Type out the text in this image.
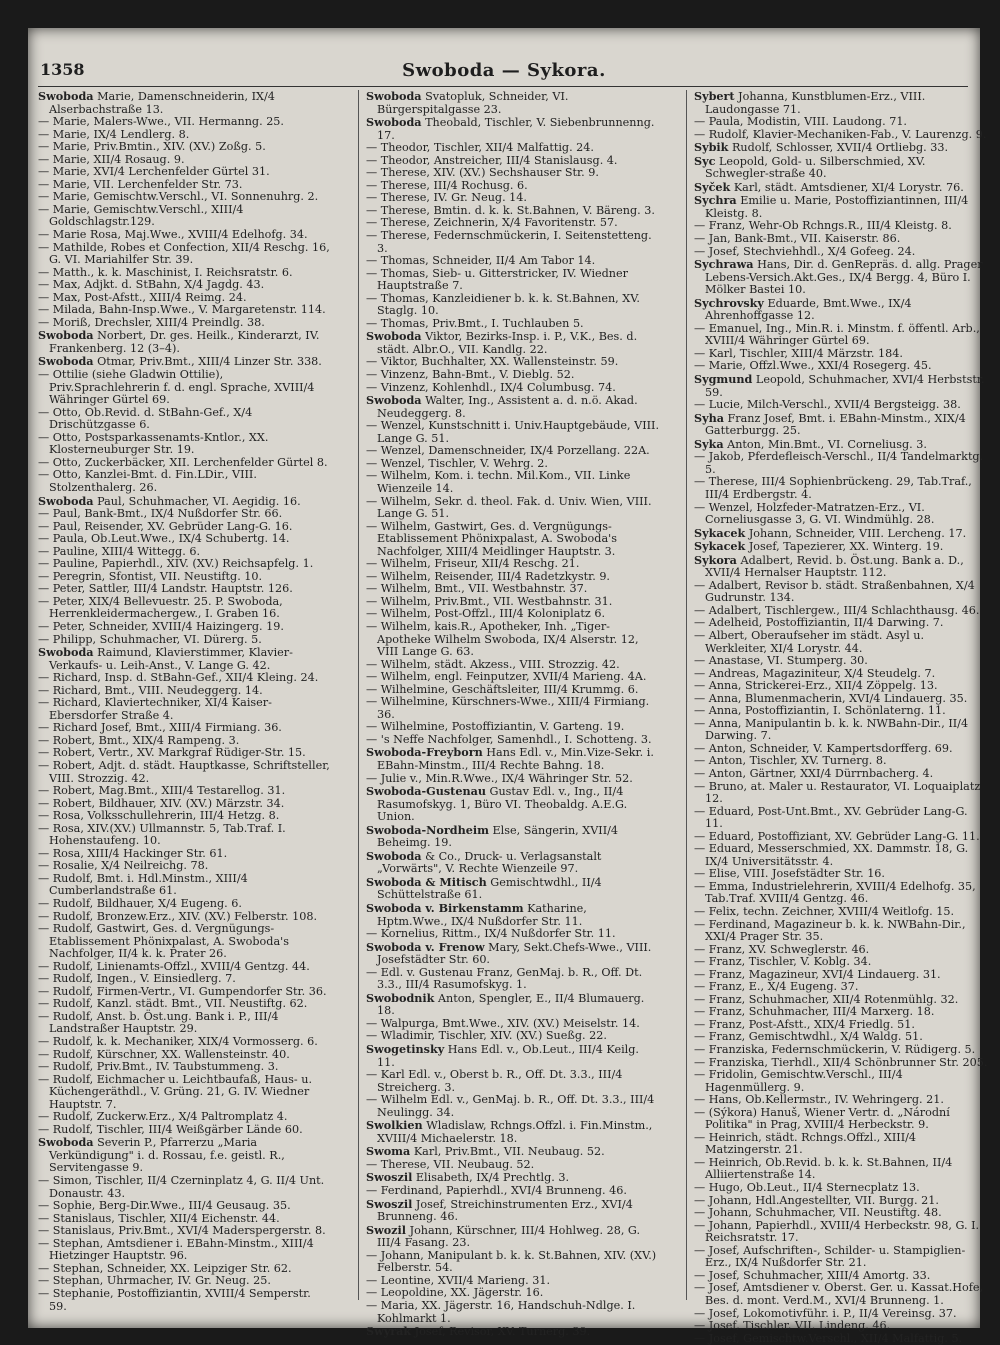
1358	Swoboda — Sykora.
Swoboda Marie, Damenschneiderin, IX/4 Alserbachstraße 13.
— Marie, Malers-Wwe., VII. Hermanng. 25.
— Marie, IX/4 Lendlerg. 8.
— Marie, Priv.Bmtin., XIV. (XV.) Zoßg. 5.
— Marie, XII/4 Rosaug. 9.
— Marie, XVI/4 Lerchenfelder Gürtel 31.
— Marie, VII. Lerchenfelder Str. 73.
— Marie, Gemischtw.Verschl., VI. Sonnenuhrg. 2.
— Marie, Gemischtw.Verschl., XIII/4 Goldschlagstr.129.
— Marie Rosa, Maj.Wwe., XVIII/4 Edelhofg. 34.
— Mathilde, Robes et Confection, XII/4 Reschg. 16, G. VI. Mariahilfer Str. 39.
— Matth., k. k. Maschinist, I. Reichsratstr. 6.
— Max, Adjkt. d. StBahn, X/4 Jagdg. 43.
— Max, Post-Afstt., XIII/4 Reimg. 24.
— Milada, Bahn-Insp.Wwe., V. Margaretenstr. 114.
— Moriß, Drechsler, XIII/4 Preindlg. 38.
Swoboda Norbert, Dr. ges. Heilk., Kinderarzt, IV. Frankenberg. 12 (3–4).
Swoboda Otmar, Priv.Bmt., XIII/4 Linzer Str. 338.
— Ottilie (siehe Gladwin Ottilie), Priv.Sprachlehrerin f. d. engl. Sprache, XVIII/4 Währinger Gürtel 69.
— Otto, Ob.Revid. d. StBahn-Gef., X/4 Drischützgasse 6.
— Otto, Postsparkassenamts-Kntlor., XX. Klosterneuburger Str. 19.
— Otto, Zuckerbäcker, XII. Lerchenfelder Gürtel 8.
— Otto, Kanzlei-Bmt. d. Fin.LDir., VIII. Stolzenthalerg. 26.
Swoboda Paul, Schuhmacher, VI. Aegidig. 16.
— Paul, Bank-Bmt., IX/4 Nußdorfer Str. 66.
— Paul, Reisender, XV. Gebrüder Lang-G. 16.
— Paula, Ob.Leut.Wwe., IX/4 Schubertg. 14.
— Pauline, XIII/4 Wittegg. 6.
— Pauline, Papierhdl., XIV. (XV.) Reichsapfelg. 1.
— Peregrin, Sfontist, VII. Neustiftg. 10.
— Peter, Sattler, III/4 Landstr. Hauptstr. 126.
— Peter, XIX/4 Bellevuestr. 25. P. Swoboda, Herrenkleidermachergew., I. Graben 16.
— Peter, Schneider, XVIII/4 Haizingerg. 19.
— Philipp, Schuhmacher, VI. Dürerg. 5.
Swoboda Raimund, Klavierstimmer, Klavier-Verkaufs- u. Leih-Anst., V. Lange G. 42.
— Richard, Insp. d. StBahn-Gef., XII/4 Kleing. 24.
— Richard, Bmt., VIII. Neudeggerg. 14.
— Richard, Klaviertechniker, XI/4 Kaiser-Ebersdorfer Straße 4.
— Richard Josef, Bmt., XIII/4 Firmiang. 36.
— Robert, Bmt., XIX/4 Rampeng. 3.
— Robert, Vertr., XV. Markgraf Rüdiger-Str. 15.
— Robert, Adjt. d. städt. Hauptkasse, Schriftsteller, VIII. Strozzig. 42.
— Robert, Mag.Bmt., XIII/4 Testarellog. 31.
— Robert, Bildhauer, XIV. (XV.) Märzstr. 34.
— Rosa, Volksschullehrerin, III/4 Hetzg. 8.
— Rosa, XIV.(XV.) Ullmannstr. 5, Tab.Traf. I. Hohenstaufeng. 10.
— Rosa, XIII/4 Hackinger Str. 61.
— Rosalie, X/4 Neilreichg. 78.
— Rudolf, Bmt. i. Hdl.Minstm., XIII/4 Cumberlandstraße 61.
— Rudolf, Bildhauer, X/4 Eugeng. 6.
— Rudolf, Bronzew.Erz., XIV. (XV.) Felberstr. 108.
— Rudolf, Gastwirt, Ges. d. Vergnügungs-Etablissement Phönixpalast, A. Swoboda's Nachfolger, II/4 k. k. Prater 26.
— Rudolf, Linienamts-Offzl., XVIII/4 Gentzg. 44.
— Rudolf, Ingen., V. Einsiedlerg. 7.
— Rudolf, Firmen-Vertr., VI. Gumpendorfer Str. 36.
— Rudolf, Kanzl. städt. Bmt., VII. Neustiftg. 62.
— Rudolf, Anst. b. Öst.ung. Bank i. P., III/4 Landstraßer Hauptstr. 29.
— Rudolf, k. k. Mechaniker, XIX/4 Vormosserg. 6.
— Rudolf, Kürschner, XX. Wallensteinstr. 40.
— Rudolf, Priv.Bmt., IV. Taubstummeng. 3.
— Rudolf, Eichmacher u. Leichtbaufaß, Haus- u. Küchengeräthdl., V. Grüng. 21, G. IV. Wiedner Hauptstr. 7.
— Rudolf, Zuckerw.Erz., X/4 Paltromplatz 4.
— Rudolf, Tischler, III/4 Weißgärber Lände 60.
Swoboda Severin P., Pfarrerzu „Maria Verkündigung" i. d. Rossau, f.e. geistl. R., Servitengasse 9.
— Simon, Tischler, II/4 Czerninplatz 4, G. II/4 Unt. Donaustr. 43.
— Sophie, Berg-Dir.Wwe., III/4 Geusaug. 35.
— Stanislaus, Tischler, XII/4 Eichenstr. 44.
— Stanislaus, Priv.Bmt., XVI/4 Maderspergerstr. 8.
— Stephan, Amtsdiener i. EBahn-Minstm., XIII/4 Hietzinger Hauptstr. 96.
— Stephan, Schneider, XX. Leipziger Str. 62.
— Stephan, Uhrmacher, IV. Gr. Neug. 25.
— Stephanie, Postoffiziantin, XVIII/4 Semperstr. 59.
Swoboda Svatopluk, Schneider, VI. Bürgerspitalgasse 23.
Swoboda Theobald, Tischler, V. Siebenbrunnenng. 17.
— Theodor, Tischler, XII/4 Malfattig. 24.
— Theodor, Anstreicher, III/4 Stanislausg. 4.
— Therese, XIV. (XV.) Sechshauser Str. 9.
— Therese, III/4 Rochusg. 6.
— Therese, IV. Gr. Neug. 14.
— Therese, Bmtin. d. k. k. St.Bahnen, V. Bäreng. 3.
— Therese, Zeichnerin, X/4 Favoritenstr. 57.
— Therese, Federnschmückerin, I. Seitenstetteng. 3.
— Thomas, Schneider, II/4 Am Tabor 14.
— Thomas, Sieb- u. Gitterstricker, IV. Wiedner Hauptstraße 7.
— Thomas, Kanzleidiener b. k. k. St.Bahnen, XV. Staglg. 10.
— Thomas, Priv.Bmt., I. Tuchlauben 5.
Swoboda Viktor, Bezirks-Insp. i. P., V.K., Bes. d. städt. Albr.O., VII. Kandlg. 22.
— Viktor, Buchhalter, XX. Wallensteinstr. 59.
— Vinzenz, Bahn-Bmt., V. Dieblg. 52.
— Vinzenz, Kohlenhdl., IX/4 Columbusg. 74.
Swoboda Walter, Ing., Assistent a. d. n.ö. Akad. Neudeggerg. 8.
— Wenzel, Kunstschnitt i. Univ.Hauptgebäude, VIII. Lange G. 51.
— Wenzel, Damenschneider, IX/4 Porzellang. 22A.
— Wenzel, Tischler, V. Wehrg. 2.
— Wilhelm, Kom. i. techn. Mil.Kom., VII. Linke Wienzeile 14.
— Wilhelm, Sekr. d. theol. Fak. d. Univ. Wien, VIII. Lange G. 51.
— Wilhelm, Gastwirt, Ges. d. Vergnügungs-Etablissement Phönixpalast, A. Swoboda's Nachfolger, XIII/4 Meidlinger Hauptstr. 3.
— Wilhelm, Friseur, XII/4 Reschg. 21.
— Wilhelm, Reisender, III/4 Radetzkystr. 9.
— Wilhelm, Bmt., VII. Westbahnstr. 37.
— Wilhelm, Priv.Bmt., VII. Westbahnstr. 31.
— Wilhelm, Post-Offzl., III/4 Koloniplatz 6.
— Wilhelm, kais.R., Apotheker, Inh. „Tiger-Apotheke Wilhelm Swoboda, IX/4 Alserstr. 12, VIII Lange G. 63.
— Wilhelm, städt. Akzess., VIII. Strozzig. 42.
— Wilhelm, engl. Feinputzer, XVII/4 Marieng. 4A.
— Wilhelmine, Geschäftsleiter, III/4 Krummg. 6.
— Wilhelmine, Kürschners-Wwe., XIII/4 Firmiang. 36.
— Wilhelmine, Postoffiziantin, V. Garteng. 19.
— 's Neffe Nachfolger, Samenhdl., I. Schotteng. 3.
Swoboda-Freyborn Hans Edl. v., Min.Vize-Sekr. i. EBahn-Minstm., III/4 Rechte Bahng. 18.
— Julie v., Min.R.Wwe., IX/4 Währinger Str. 52.
Swoboda-Gustenau Gustav Edl. v., Ing., II/4 Rasumofskyg. 1, Büro VI. Theobaldg. A.E.G. Union.
Swoboda-Nordheim Else, Sängerin, XVII/4 Beheimg. 19.
Swoboda & Co., Druck- u. Verlagsanstalt „Vorwärts", V. Rechte Wienzeile 97.
Swoboda & Mitisch Gemischtwdhl., II/4 Schüttelstraße 61.
Swoboda v. Birkenstamm Katharine, Hptm.Wwe., IX/4 Nußdorfer Str. 11.
— Kornelius, Rittm., IX/4 Nußdorfer Str. 11.
Swoboda v. Frenow Mary, Sekt.Chefs-Wwe., VIII. Josefstädter Str. 60.
— Edl. v. Gustenau Franz, GenMaj. b. R., Off. Dt. 3.3., III/4 Rasumofskyg. 1.
Swobodnik Anton, Spengler, E., II/4 Blumauerg. 18.
— Walpurga, Bmt.Wwe., XIV. (XV.) Meiselstr. 14.
— Wladimir, Tischler, XIV. (XV.) Sueßg. 22.
Swogetinsky Hans Edl. v., Ob.Leut., III/4 Keilg. 11.
— Karl Edl. v., Oberst b. R., Off. Dt. 3.3., III/4 Streicherg. 3.
— Wilhelm Edl. v., GenMaj. b. R., Off. Dt. 3.3., III/4 Neulingg. 34.
Swolkien Wladislaw, Rchngs.Offzl. i. Fin.Minstm., XVIII/4 Michaelerstr. 18.
Swoma Karl, Priv.Bmt., VII. Neubaug. 52.
— Therese, VII. Neubaug. 52.
Swoszil Elisabeth, IX/4 Prechtlg. 3.
— Ferdinand, Papierhdl., XVI/4 Brunneng. 46.
Swoszil Josef, Streichinstrumenten Erz., XVI/4 Brunneng. 46.
Swozil Johann, Kürschner, III/4 Hohlweg. 28, G. III/4 Fasang. 23.
— Johann, Manipulant b. k. k. St.Bahnen, XIV. (XV.) Felberstr. 54.
— Leontine, XVII/4 Marieng. 31.
— Leopoldine, XX. Jägerstr. 16.
— Maria, XX. Jägerstr. 16, Handschuh-Ndlge. I. Kohlmarkt 1.
Swyrak Josef, Revisor, XV. Turnerg. 39.
Sybert Johanna, Kunstblumen-Erz., VIII. Laudongasse 71.
— Paula, Modistin, VIII. Laudong. 71.
— Rudolf, Klavier-Mechaniken-Fab., V. Laurenzg. 9.
Sybik Rudolf, Schlosser, XVII/4 Ortliebg. 33.
Syc Leopold, Gold- u. Silberschmied, XV. Schwegler-straße 40.
Syček Karl, städt. Amtsdiener, XI/4 Lorystr. 76.
Sychra Emilie u. Marie, Postoffiziantinnen, III/4 Kleistg. 8.
— Franz, Wehr-Ob Rchngs.R., III/4 Kleistg. 8.
— Jan, Bank-Bmt., VII. Kaiserstr. 86.
— Josef, Stechviehhdl., X/4 Gofeeg. 24.
Sychrawa Hans, Dir. d. GenRepräs. d. allg. Prager Lebens-Versich.Akt.Ges., IX/4 Bergg. 4, Büro I. Mölker Bastei 10.
Sychrovsky Eduarde, Bmt.Wwe., IX/4 Ahrenhoffgasse 12.
— Emanuel, Ing., Min.R. i. Minstm. f. öffentl. Arb., XVIII/4 Währinger Gürtel 69.
— Karl, Tischler, XIII/4 Märzstr. 184.
— Marie, Offzl.Wwe., XXI/4 Rosegerg. 45.
Sygmund Leopold, Schuhmacher, XVI/4 Herbststr. 59.
— Lucie, Milch-Verschl., XVII/4 Bergsteigg. 38.
Syha Franz Josef, Bmt. i. EBahn-Minstm., XIX/4 Gatterburgg. 25.
Syka Anton, Min.Bmt., VI. Corneliusg. 3.
— Jakob, Pferdefleisch-Verschl., II/4 Tandelmarktg. 5.
— Therese, III/4 Sophienbrückeng. 29, Tab.Traf., III/4 Erdbergstr. 4.
— Wenzel, Holzfeder-Matratzen-Erz., VI. Corneliusgasse 3, G. VI. Windmühlg. 28.
Sykacek Johann, Schneider, VIII. Lercheng. 17.
Sykacek Josef, Tapezierer, XX. Winterg. 19.
Sykora Adalbert, Revid. b. Öst.ung. Bank a. D., XVII/4 Hernalser Hauptstr. 112.
— Adalbert, Revisor b. städt. Straßenbahnen, X/4 Gudrunstr. 134.
— Adalbert, Tischlergew., III/4 Schlachthausg. 46.
— Adelheid, Postoffiziantin, II/4 Darwing. 7.
— Albert, Oberaufseher im städt. Asyl u. Werkleiter, XI/4 Lorystr. 44.
— Anastase, VI. Stumperg. 30.
— Andreas, Magaziniteur, X/4 Steudelg. 7.
— Anna, Strickerei-Erz., XII/4 Zöppelg. 13.
— Anna, Blumenmacherin, XVI/4 Lindauerg. 35.
— Anna, Postoffiziantin, I. Schönlaterng. 11.
— Anna, Manipulantin b. k. k. NWBahn-Dir., II/4 Darwing. 7.
— Anton, Schneider, V. Kampertsdorfferg. 69.
— Anton, Tischler, XV. Turnerg. 8.
— Anton, Gärtner, XXI/4 Dürrnbacherg. 4.
— Bruno, at. Maler u. Restaurator, VI. Loquaiplatz 12.
— Eduard, Post-Unt.Bmt., XV. Gebrüder Lang-G. 11.
— Eduard, Postoffiziant, XV. Gebrüder Lang-G. 11.
— Eduard, Messerschmied, XX. Dammstr. 18, G. IX/4 Universitätsstr. 4.
— Elise, VIII. Josefstädter Str. 16.
— Emma, Industrielehrerin, XVIII/4 Edelhofg. 35, Tab.Traf. XVIII/4 Gentzg. 46.
— Felix, techn. Zeichner, XVIII/4 Weitlofg. 15.
— Ferdinand, Magazineur b. k. k. NWBahn-Dir., XXI/4 Prager Str. 35.
— Franz, XV. Schweglerstr. 46.
— Franz, Tischler, V. Koblg. 34.
— Franz, Magazineur, XVI/4 Lindauerg. 31.
— Franz, E., X/4 Eugeng. 37.
— Franz, Schuhmacher, XII/4 Rotenmühlg. 32.
— Franz, Schuhmacher, III/4 Marxerg. 18.
— Franz, Post-Afstt., XIX/4 Friedlg. 51.
— Franz, Gemischtwdhl., X/4 Waldg. 51.
— Franziska, Federnschmückerin, V. Rüdigerg. 5.
— Franziska, Tierhdl., XII/4 Schönbrunner Str. 205.
— Fridolin, Gemischtw.Verschl., III/4 Hagenmüllerg. 9.
— Hans, Ob.Kellermstr., IV. Wehringerg. 21.
— (Sýkora) Hanuš, Wiener Vertr. d. „Národní Politika" in Prag, XVIII/4 Herbeckstr. 9.
— Heinrich, städt. Rchngs.Offzl., XIII/4 Matzingerstr. 21.
— Heinrich, Ob.Revid. b. k. k. St.Bahnen, II/4 Alliiertenstraße 14.
— Hugo, Ob.Leut., II/4 Sternecplatz 13.
— Johann, Hdl.Angestellter, VII. Burgg. 21.
— Johann, Schuhmacher, VII. Neustiftg. 48.
— Johann, Papierhdl., XVIII/4 Herbeckstr. 98, G. I. Reichsratstr. 17.
— Josef, Aufschriften-, Schilder- u. Stampiglien-Erz., IX/4 Nußdorfer Str. 21.
— Josef, Schuhmacher, XIII/4 Amortg. 33.
— Josef, Amtsdiener v. Oberst. Ger. u. Kassat.Hofe, Bes. d. mont. Verd.M., XVI/4 Brunneng. 1.
— Josef, Lokomotivführ. i. P., II/4 Vereinsg. 37.
— Josef, Tischler, VII. Lindeng. 46.
— Josef, Gemischtw.Verschl., XII/4 Malfattig. 5.
